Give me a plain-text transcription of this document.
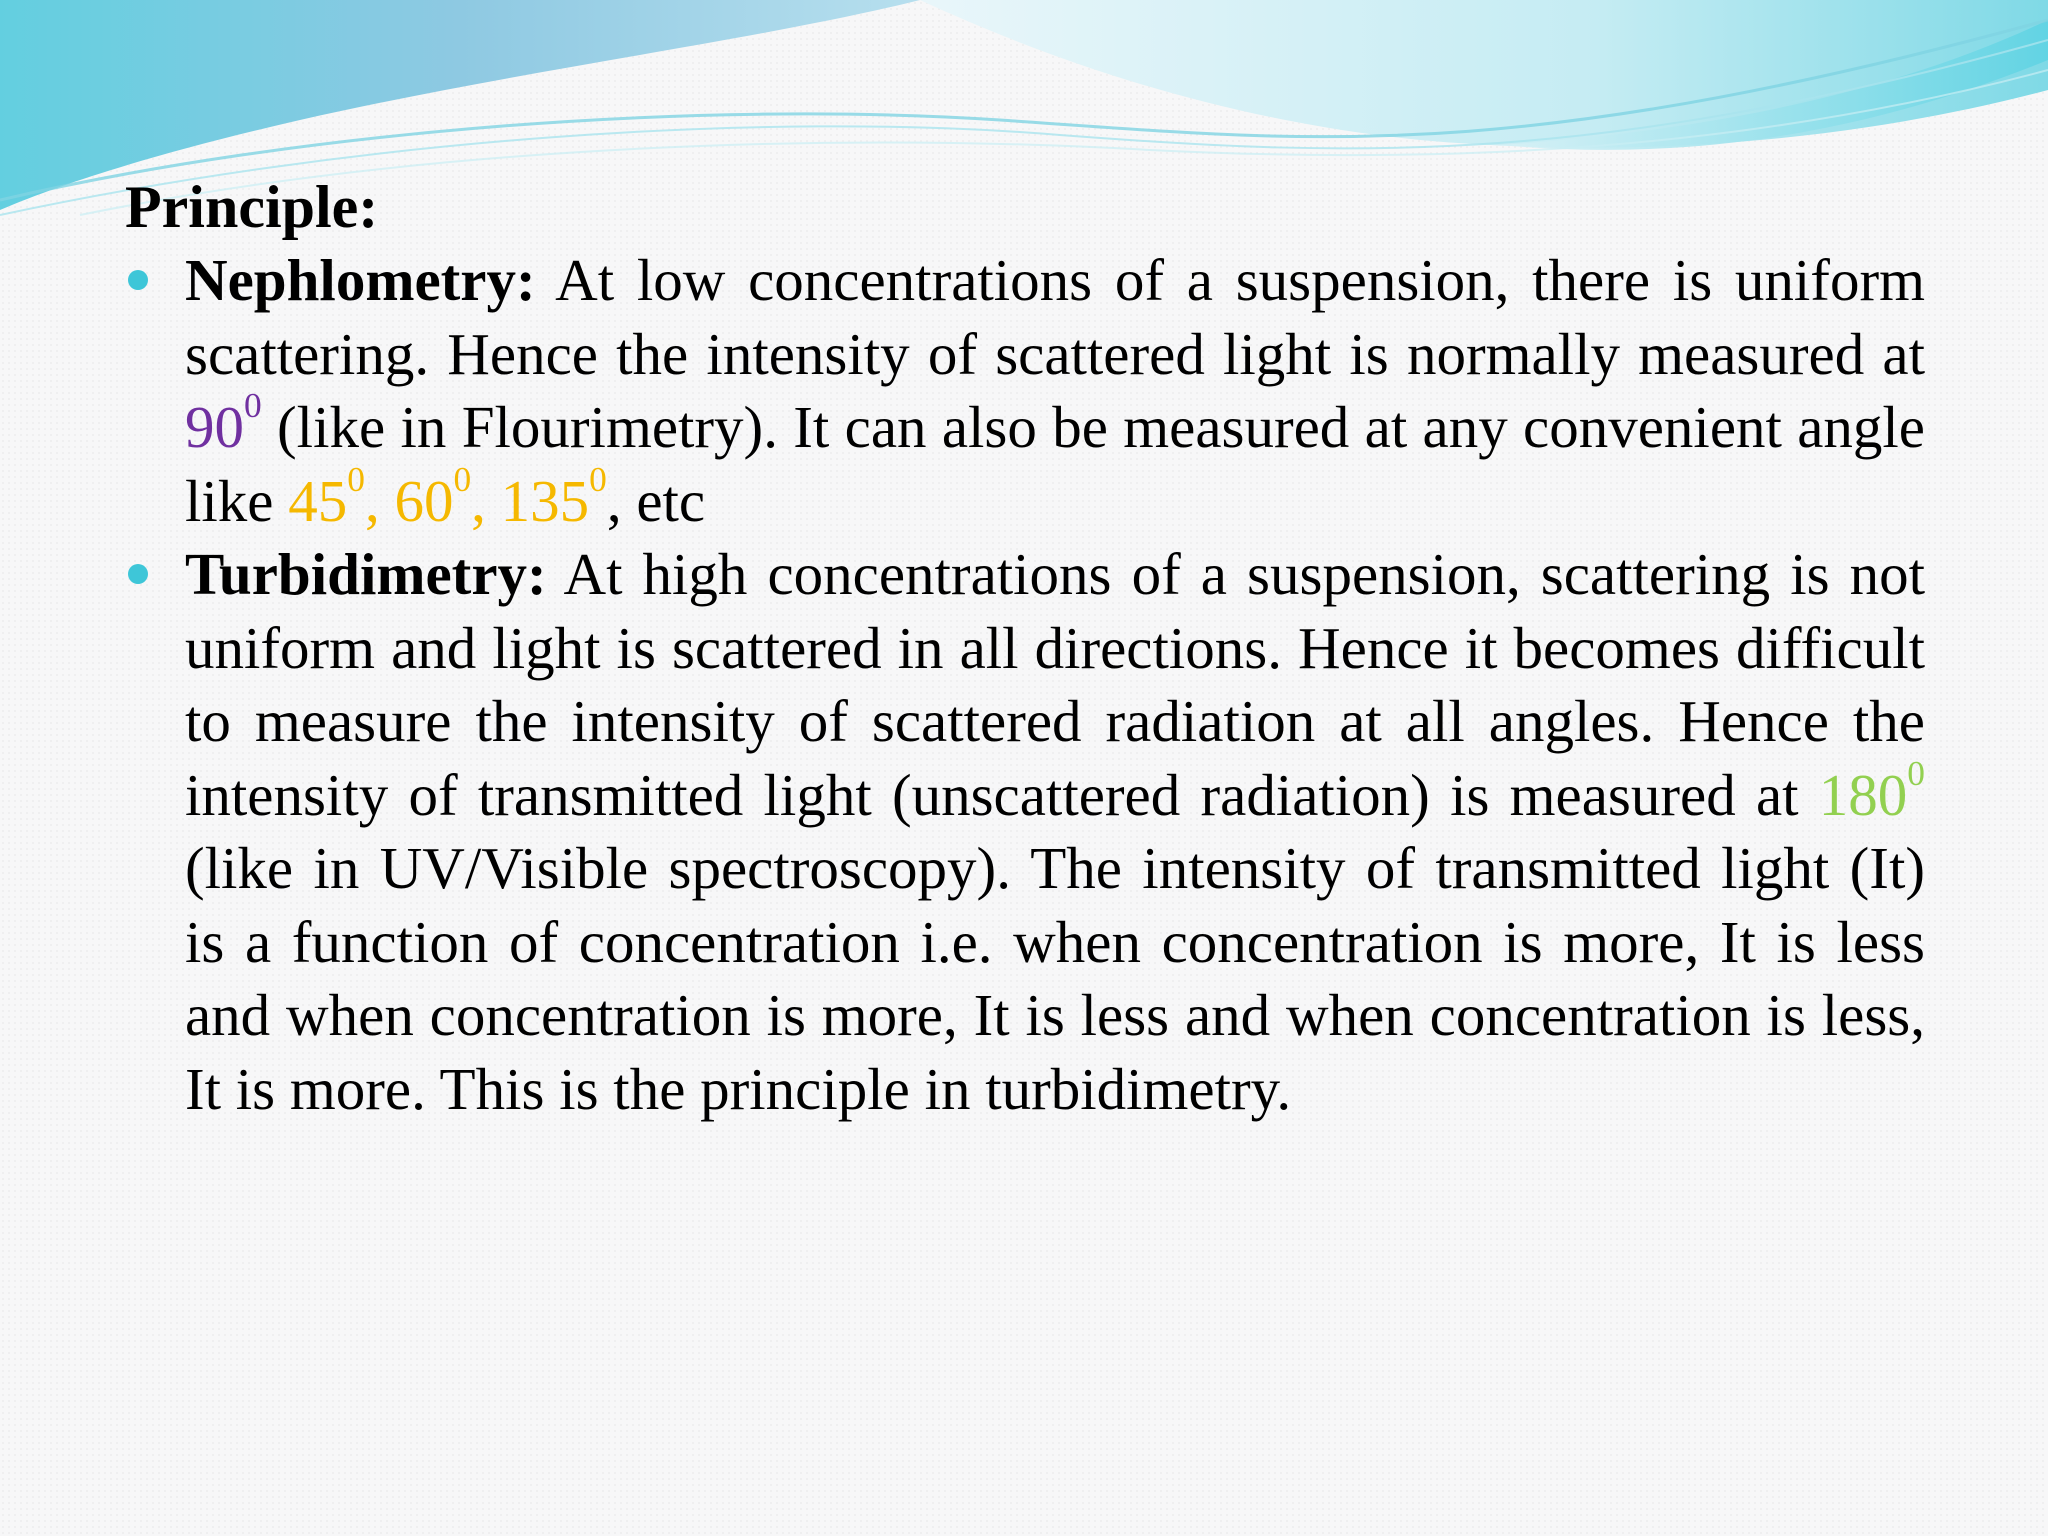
Principle:
Nephlometry: At low concentrations of a suspension, there is uniform scattering. Hence the intensity of scattered light is normally measured at $90^0$ (like in Flourimetry). It can also be measured at any convenient angle like $45^0$, $60^0$, $135^0$, etc
Turbidimetry: At high concentrations of a suspension, scattering is not uniform and light is scattered in all directions. Hence it becomes difficult to measure the intensity of scattered radiation at all angles. Hence the intensity of transmitted light (unscattered radiation) is measured at $180^0$ (like in UV/Visible spectroscopy). The intensity of transmitted light (It) is a function of concentration i.e. when concentration is more, It is less and when concentration is more, It is less and when concentration is less, It is more. This is the principle in turbidimetry.
